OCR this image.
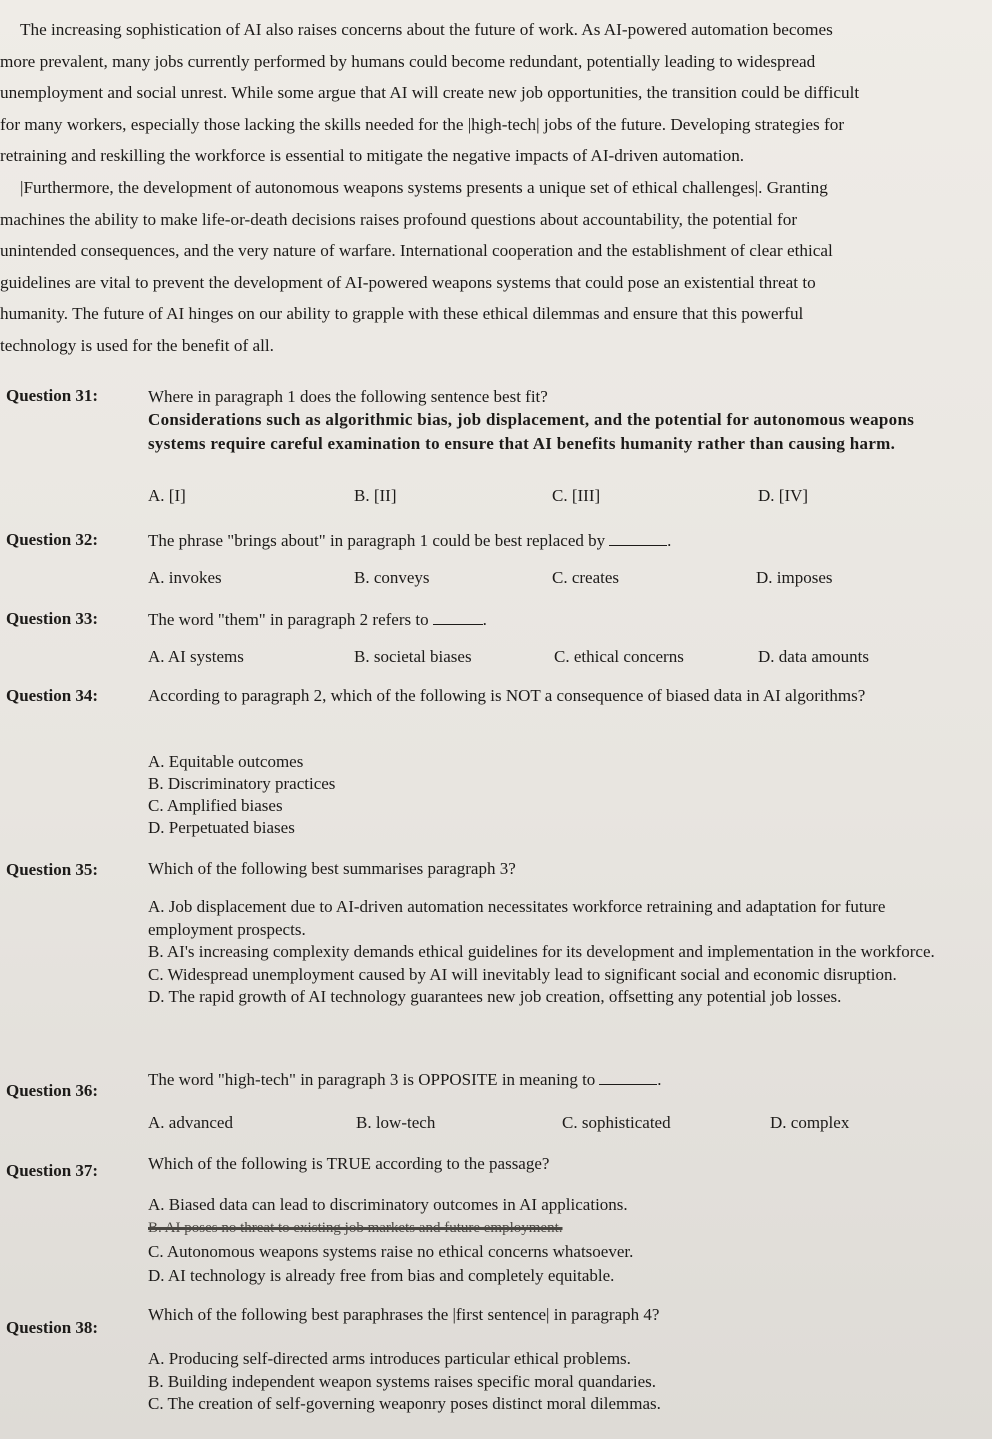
The increasing sophistication of AI also raises concerns about the future of work. As AI-powered automation becomes

more prevalent, many jobs currently performed by humans could become redundant, potentially leading to widespread

unemployment and social unrest. While some argue that AI will create new job opportunities, the transition could be difficult

for many workers, especially those lacking the skills needed for the |high-tech| jobs of the future. Developing strategies for

retraining and reskilling the workforce is essential to mitigate the negative impacts of AI-driven automation.

|Furthermore, the development of autonomous weapons systems presents a unique set of ethical challenges|. Granting

machines the ability to make life-or-death decisions raises profound questions about accountability, the potential for

unintended consequences, and the very nature of warfare. International cooperation and the establishment of clear ethical

guidelines are vital to prevent the development of AI-powered weapons systems that could pose an existential threat to

humanity. The future of AI hinges on our ability to grapple with these ethical dilemmas and ensure that this powerful

technology is used for the benefit of all.

Question 31:	Where in paragraph 1 does the following sentence best fit?
Considerations such as algorithmic bias, job displacement, and the potential for autonomous weapons systems require careful examination to ensure that AI benefits humanity rather than causing harm.
A. [I]	B. [II]	C. [III]	D. [IV]
Question 32:	The phrase "brings about" in paragraph 1 could be best replaced by	.
A. invokes	B. conveys	C. creates	D. imposes
Question 33:	The word "them" in paragraph 2 refers to	.
A. AI systems	B. societal biases	C. ethical concerns	D. data amounts
Question 34:	According to paragraph 2, which of the following is NOT a consequence of biased data in AI algorithms?
A. Equitable outcomes
B. Discriminatory practices
C. Amplified biases
D. Perpetuated biases
Question 35:	Which of the following best summarises paragraph 3?
A. Job displacement due to AI-driven automation necessitates workforce retraining and adaptation for future employment prospects.
B. AI's increasing complexity demands ethical guidelines for its development and implementation in the workforce.
C. Widespread unemployment caused by AI will inevitably lead to significant social and economic disruption.
D. The rapid growth of AI technology guarantees new job creation, offsetting any potential job losses.
Question 36:
The word "high-tech" in paragraph 3 is OPPOSITE in meaning to	.
A. advanced	B. low-tech	C. sophisticated	D. complex
Question 37:	Which of the following is TRUE according to the passage?
A. Biased data can lead to discriminatory outcomes in AI applications.
B. AI poses no threat to existing job markets and future employment.
C. Autonomous weapons systems raise no ethical concerns whatsoever.
D. AI technology is already free from bias and completely equitable.
Question 38:
Which of the following best paraphrases the |first sentence| in paragraph 4?
A. Producing self-directed arms introduces particular ethical problems.
B. Building independent weapon systems raises specific moral quandaries.
C. The creation of self-governing weaponry poses distinct moral dilemmas.
